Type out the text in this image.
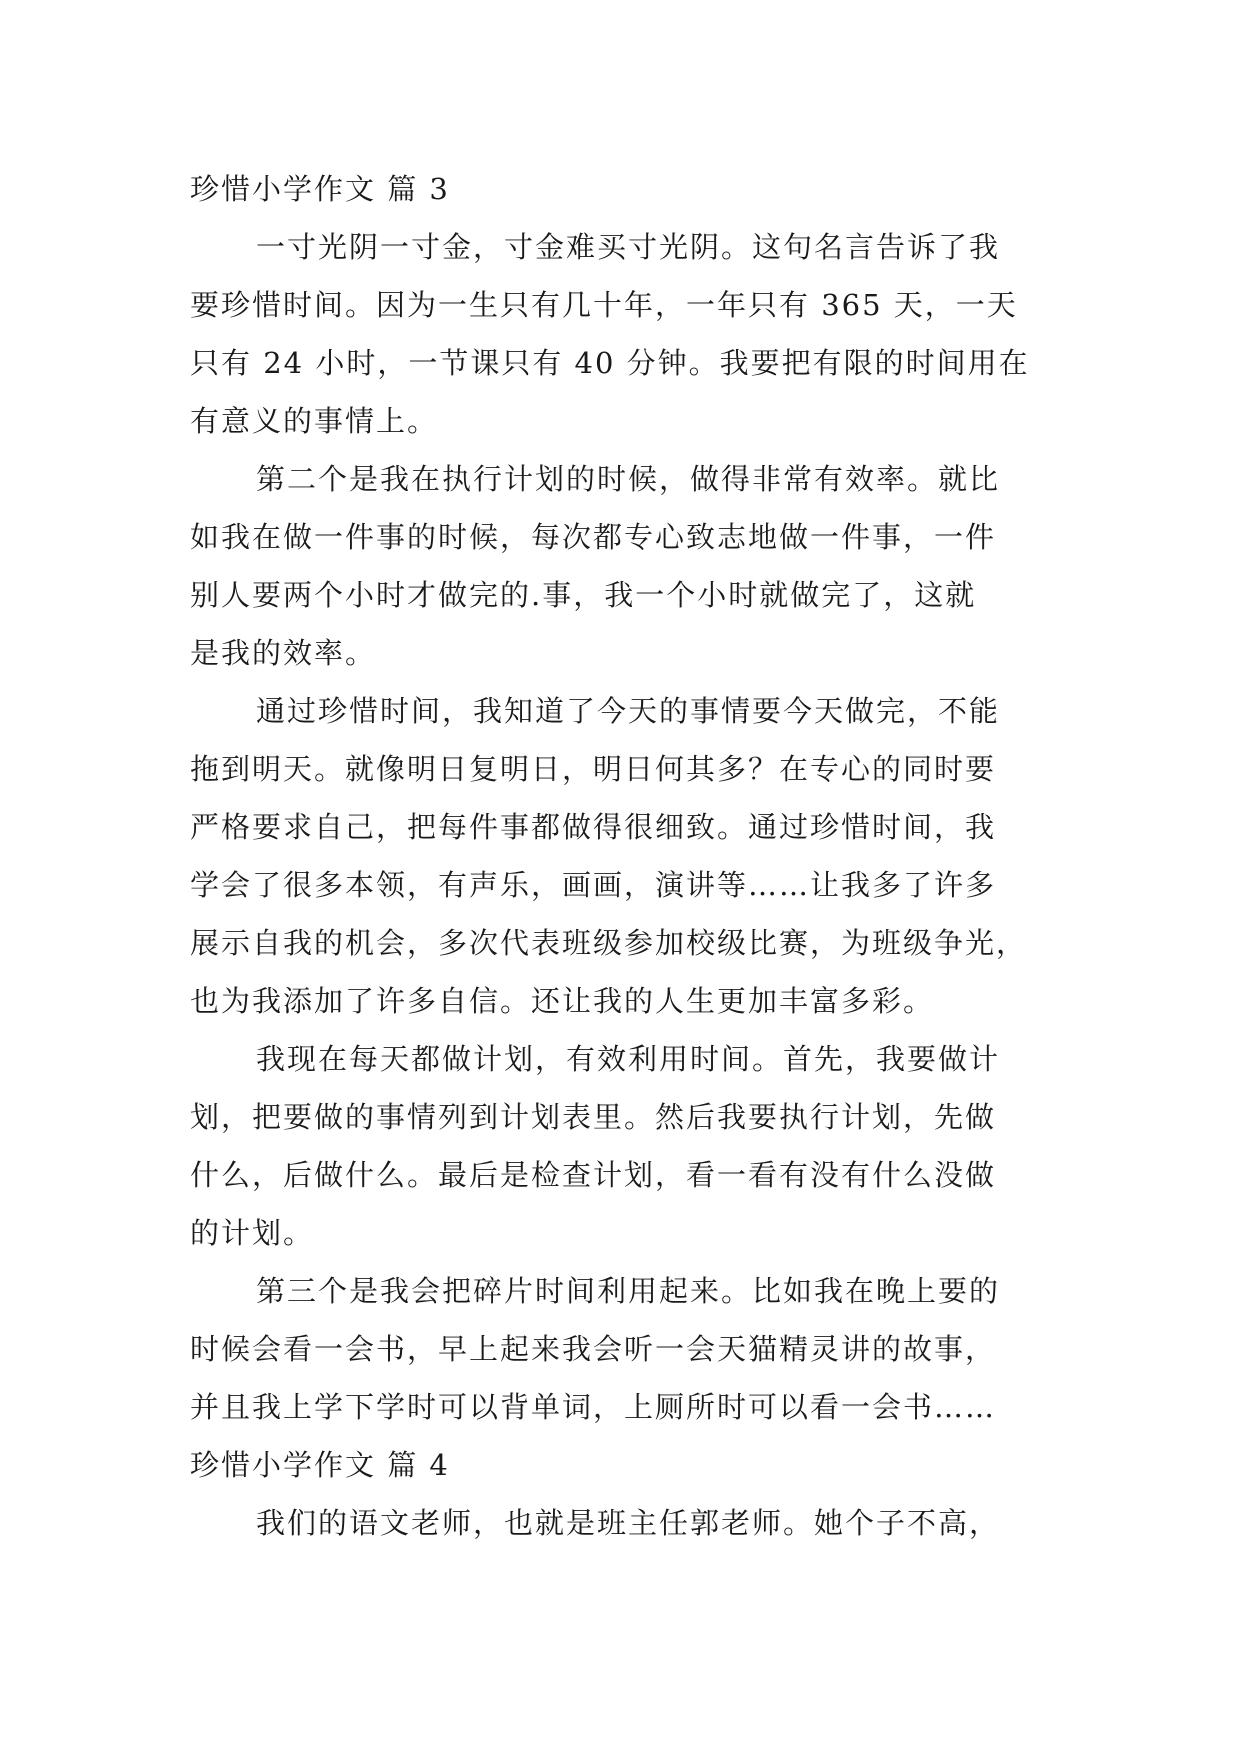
珍惜小学作文 篇 3
一寸光阴一寸金，寸金难买寸光阴。这句名言告诉了我
要珍惜时间。因为一生只有几十年，一年只有 365 天，一天
只有 24 小时，一节课只有 40 分钟。我要把有限的时间用在
有意义的事情上。
第二个是我在执行计划的时候，做得非常有效率。就比
如我在做一件事的时候，每次都专心致志地做一件事，一件
别人要两个小时才做完的.事，我一个小时就做完了，这就
是我的效率。
通过珍惜时间，我知道了今天的事情要今天做完，不能
拖到明天。就像明日复明日，明日何其多？在专心的同时要
严格要求自己，把每件事都做得很细致。通过珍惜时间，我
学会了很多本领，有声乐，画画，演讲等……让我多了许多
展示自我的机会，多次代表班级参加校级比赛，为班级争光，
也为我添加了许多自信。还让我的人生更加丰富多彩。
我现在每天都做计划，有效利用时间。首先，我要做计
划，把要做的事情列到计划表里。然后我要执行计划，先做
什么，后做什么。最后是检查计划，看一看有没有什么没做
的计划。
第三个是我会把碎片时间利用起来。比如我在晚上要的
时候会看一会书，早上起来我会听一会天猫精灵讲的故事，
并且我上学下学时可以背单词，上厕所时可以看一会书……
珍惜小学作文 篇 4
我们的语文老师，也就是班主任郭老师。她个子不高，
